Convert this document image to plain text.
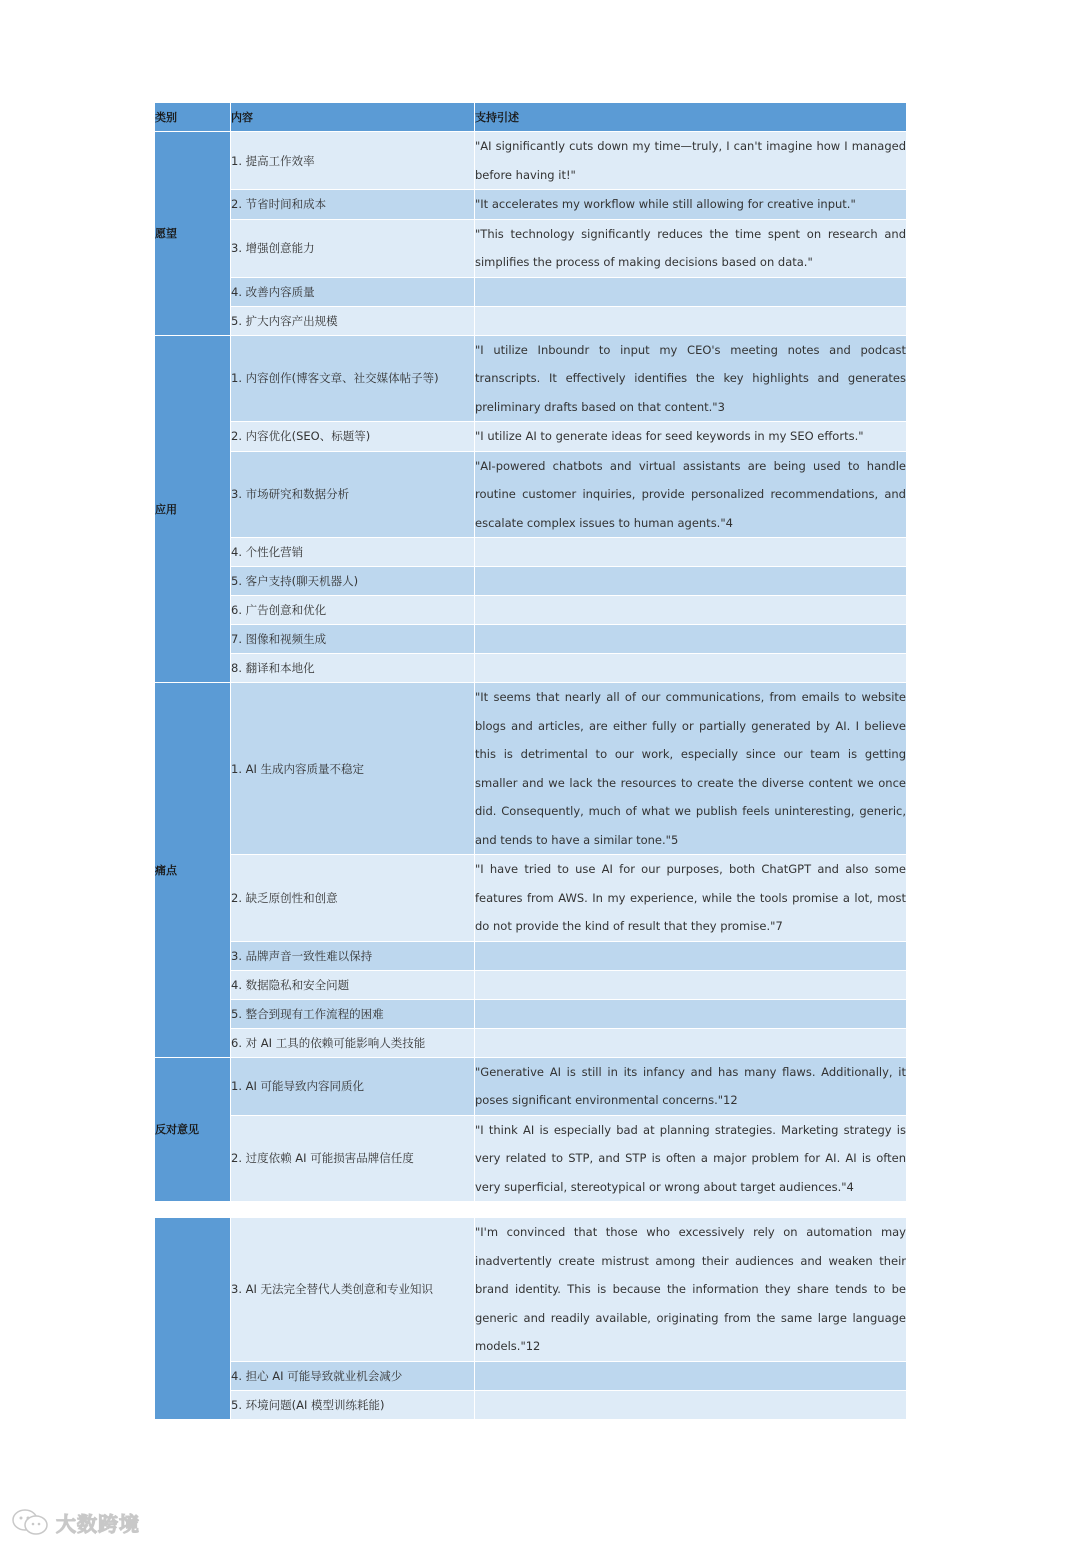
类别	内容	支持引述
愿望	1. 提高工作效率	"AI significantly cuts down my time—truly, I can't imagine how I managed before having it!"
	2. 节省时间和成本	"It accelerates my workflow while still allowing for creative input."
	3. 增强创意能力	"This technology significantly reduces the time spent on research and simplifies the process of making decisions based on data."
	4. 改善内容质量	
	5. 扩大内容产出规模	
应用	1. 内容创作(博客文章、社交媒体帖子等)	"I utilize Inboundr to input my CEO's meeting notes and podcast transcripts. It effectively identifies the key highlights and generates preliminary drafts based on that content."3
	2. 内容优化(SEO、标题等)	"I utilize AI to generate ideas for seed keywords in my SEO efforts."
	3. 市场研究和数据分析	"AI-powered chatbots and virtual assistants are being used to handle routine customer inquiries, provide personalized recommendations, and escalate complex issues to human agents."4
	4. 个性化营销	
	5. 客户支持(聊天机器人)	
	6. 广告创意和优化	
	7. 图像和视频生成	
	8. 翻译和本地化	
痛点	1. AI 生成内容质量不稳定	"It seems that nearly all of our communications, from emails to website blogs and articles, are either fully or partially generated by AI. I believe this is detrimental to our work, especially since our team is getting smaller and we lack the resources to create the diverse content we once did. Consequently, much of what we publish feels uninteresting, generic, and tends to have a similar tone."5
	2. 缺乏原创性和创意	"I have tried to use AI for our purposes, both ChatGPT and also some features from AWS. In my experience, while the tools promise a lot, most do not provide the kind of result that they promise."7
	3. 品牌声音一致性难以保持	
	4. 数据隐私和安全问题	
	5. 整合到现有工作流程的困难	
	6. 对 AI 工具的依赖可能影响人类技能	
反对意见	1. AI 可能导致内容同质化	"Generative AI is still in its infancy and has many flaws. Additionally, it poses significant environmental concerns."12
	2. 过度依赖 AI 可能损害品牌信任度	"I think AI is especially bad at planning strategies. Marketing strategy is very related to STP, and STP is often a major problem for AI. AI is often very superficial, stereotypical or wrong about target audiences."4
	3. AI 无法完全替代人类创意和专业知识	"I'm convinced that those who excessively rely on automation may inadvertently create mistrust among their audiences and weaken their brand identity. This is because the information they share tends to be generic and readily available, originating from the same large language models."12
	4. 担心 AI 可能导致就业机会减少	
	5. 环境问题(AI 模型训练耗能)	
大数跨境
